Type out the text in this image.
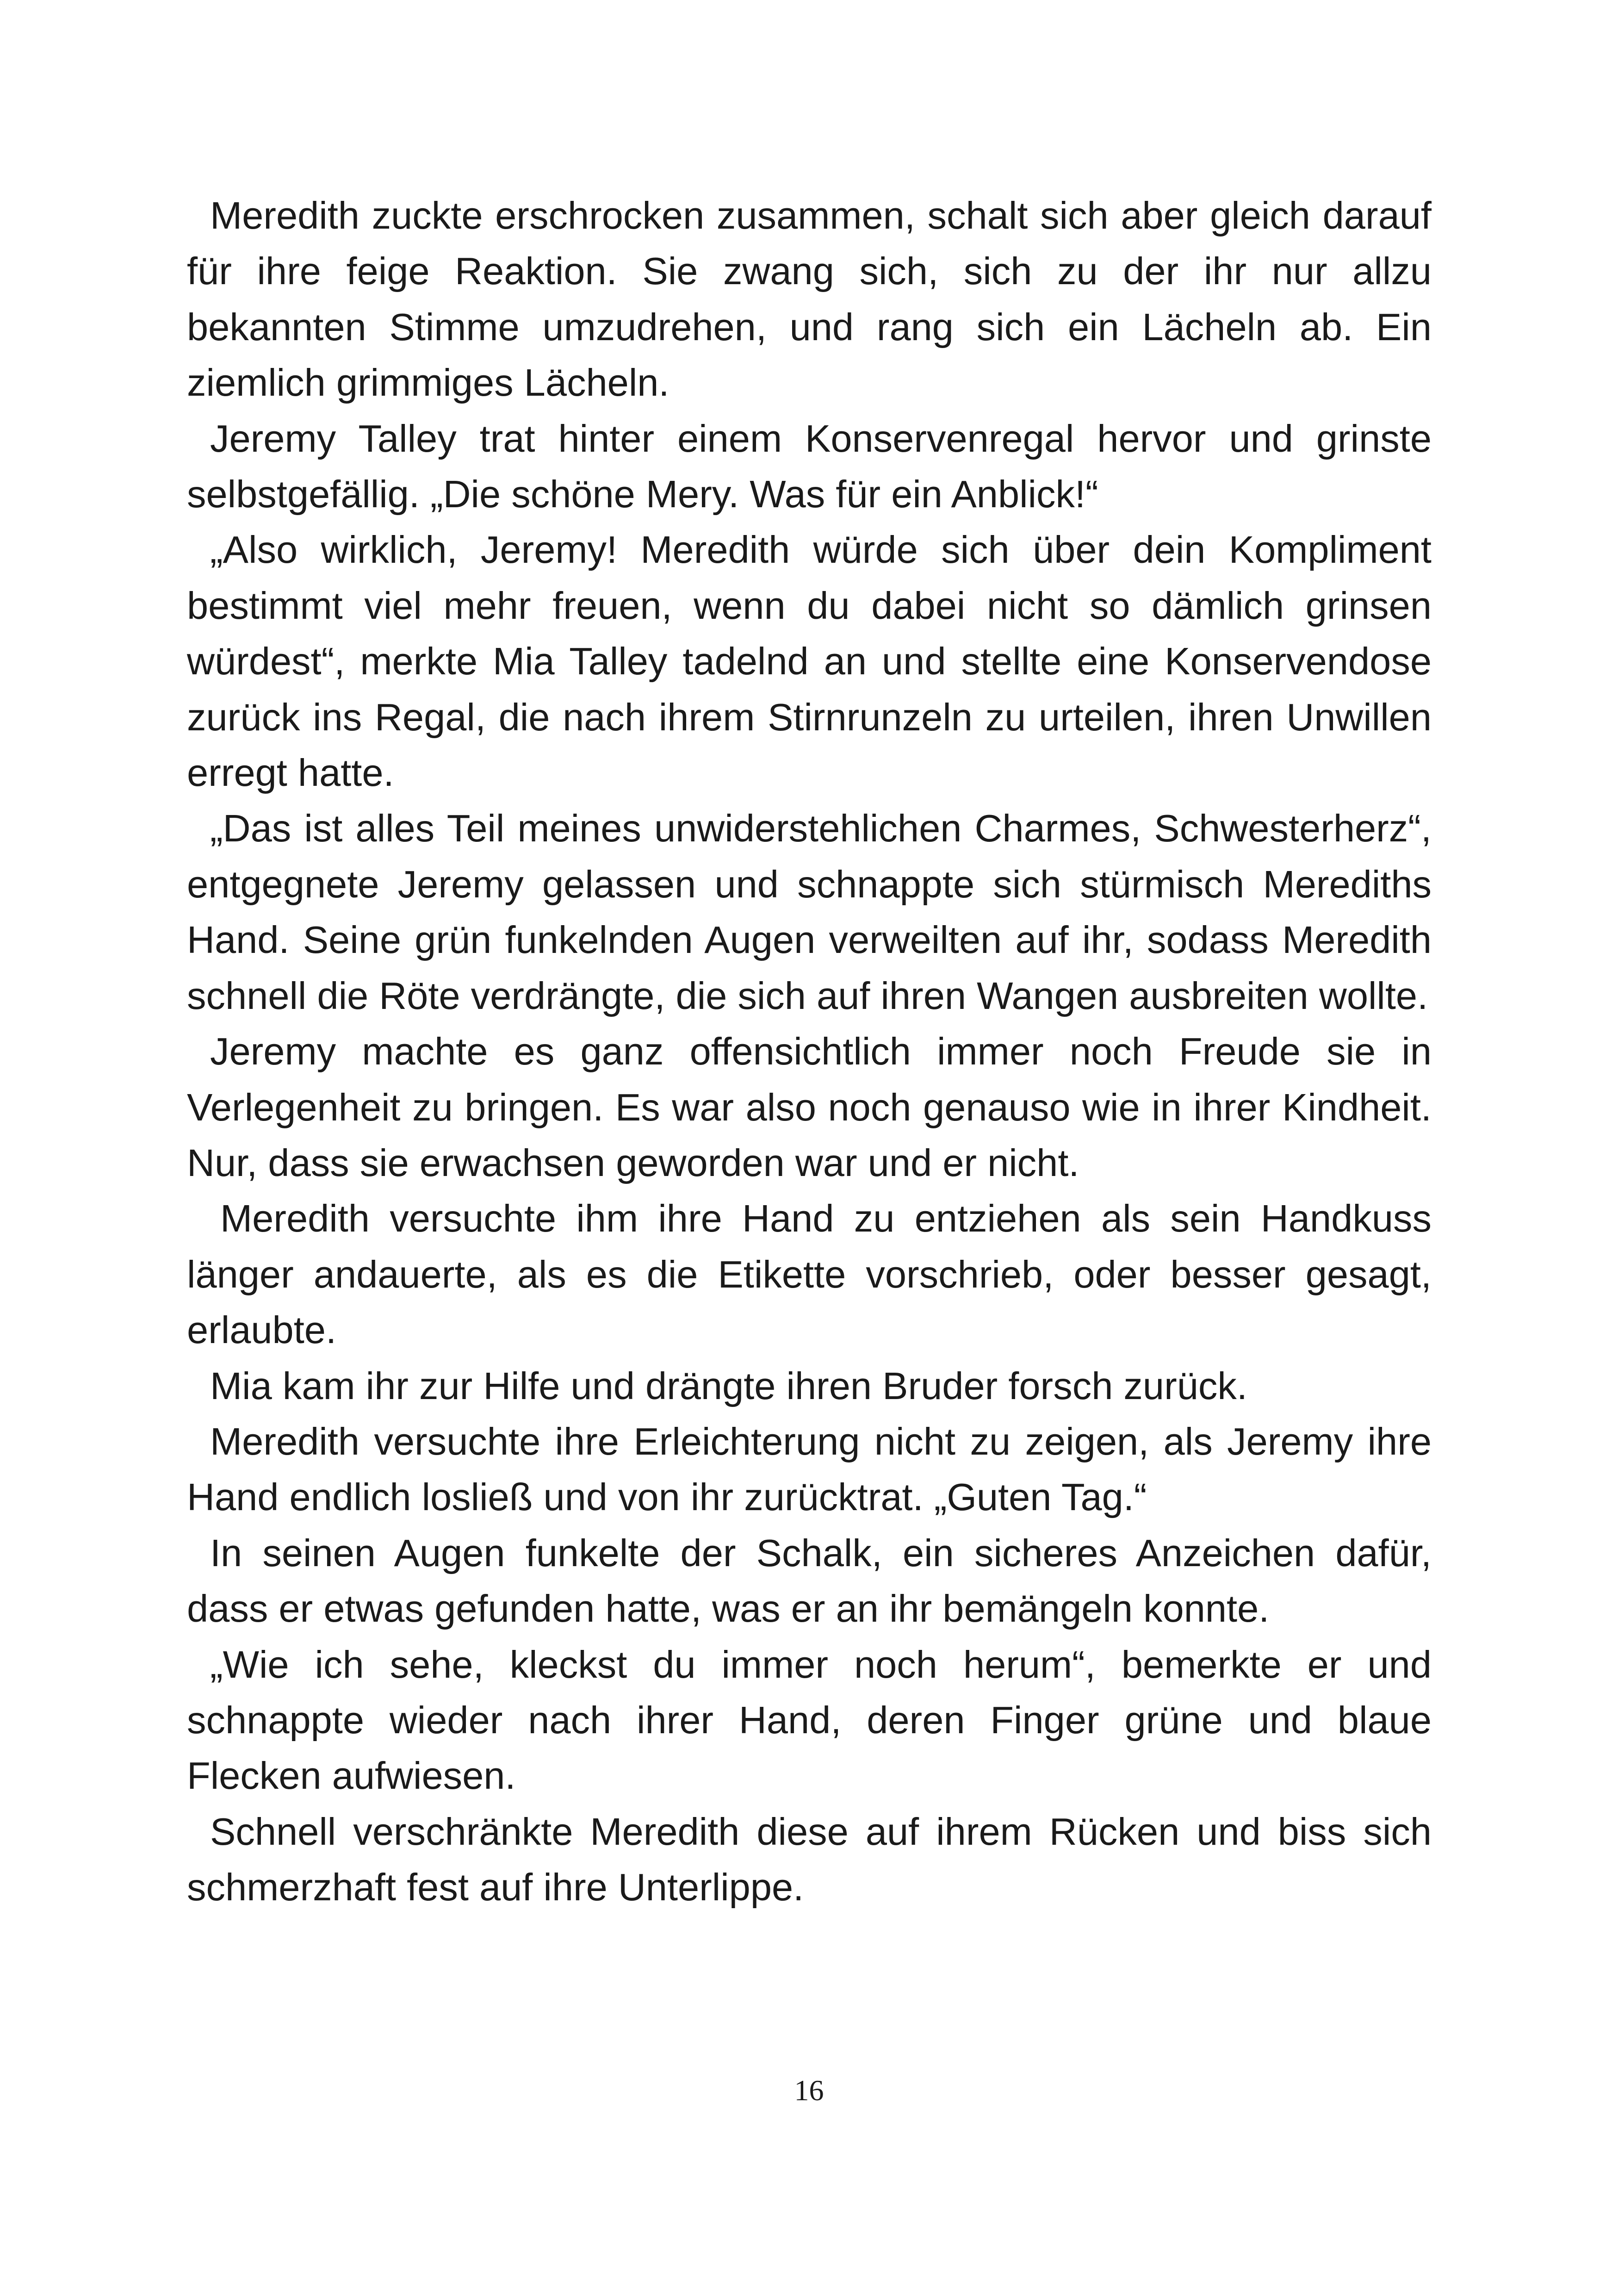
Meredith zuckte erschrocken zusammen, schalt sich aber gleich darauf für ihre feige Reaktion. Sie zwang sich, sich zu der ihr nur allzu bekannten Stimme umzudrehen, und rang sich ein Lächeln ab. Ein ziemlich grimmiges Lächeln.

Jeremy Talley trat hinter einem Konservenregal hervor und grinste selbstgefällig. „Die schöne Mery. Was für ein Anblick!“

„Also wirklich, Jeremy! Meredith würde sich über dein Kompliment bestimmt viel mehr freuen, wenn du dabei nicht so dämlich grinsen würdest“, merkte Mia Talley tadelnd an und stellte eine Konservendose zurück ins Regal, die nach ihrem Stirnrunzeln zu urteilen, ihren Unwillen erregt hatte.

„Das ist alles Teil meines unwiderstehlichen Charmes, Schwesterherz“, entgegnete Jeremy gelassen und schnappte sich stürmisch Merediths Hand. Seine grün funkelnden Augen verweilten auf ihr, sodass Meredith schnell die Röte verdrängte, die sich auf ihren Wangen ausbreiten wollte.

Jeremy machte es ganz offensichtlich immer noch Freude sie in Verlegenheit zu bringen. Es war also noch genauso wie in ihrer Kindheit. Nur, dass sie erwachsen geworden war und er nicht.

Meredith versuchte ihm ihre Hand zu entziehen als sein Handkuss länger andauerte, als es die Etikette vorschrieb, oder besser gesagt, erlaubte.

Mia kam ihr zur Hilfe und drängte ihren Bruder forsch zurück.

Meredith versuchte ihre Erleichterung nicht zu zeigen, als Jeremy ihre Hand endlich losließ und von ihr zurücktrat. „Guten Tag.“

In seinen Augen funkelte der Schalk, ein sicheres Anzeichen dafür, dass er etwas gefunden hatte, was er an ihr bemängeln konnte.

„Wie ich sehe, kleckst du immer noch herum“, bemerkte er und schnappte wieder nach ihrer Hand, deren Finger grüne und blaue Flecken aufwiesen.

Schnell verschränkte Meredith diese auf ihrem Rücken und biss sich schmerzhaft fest auf ihre Unterlippe.

16
